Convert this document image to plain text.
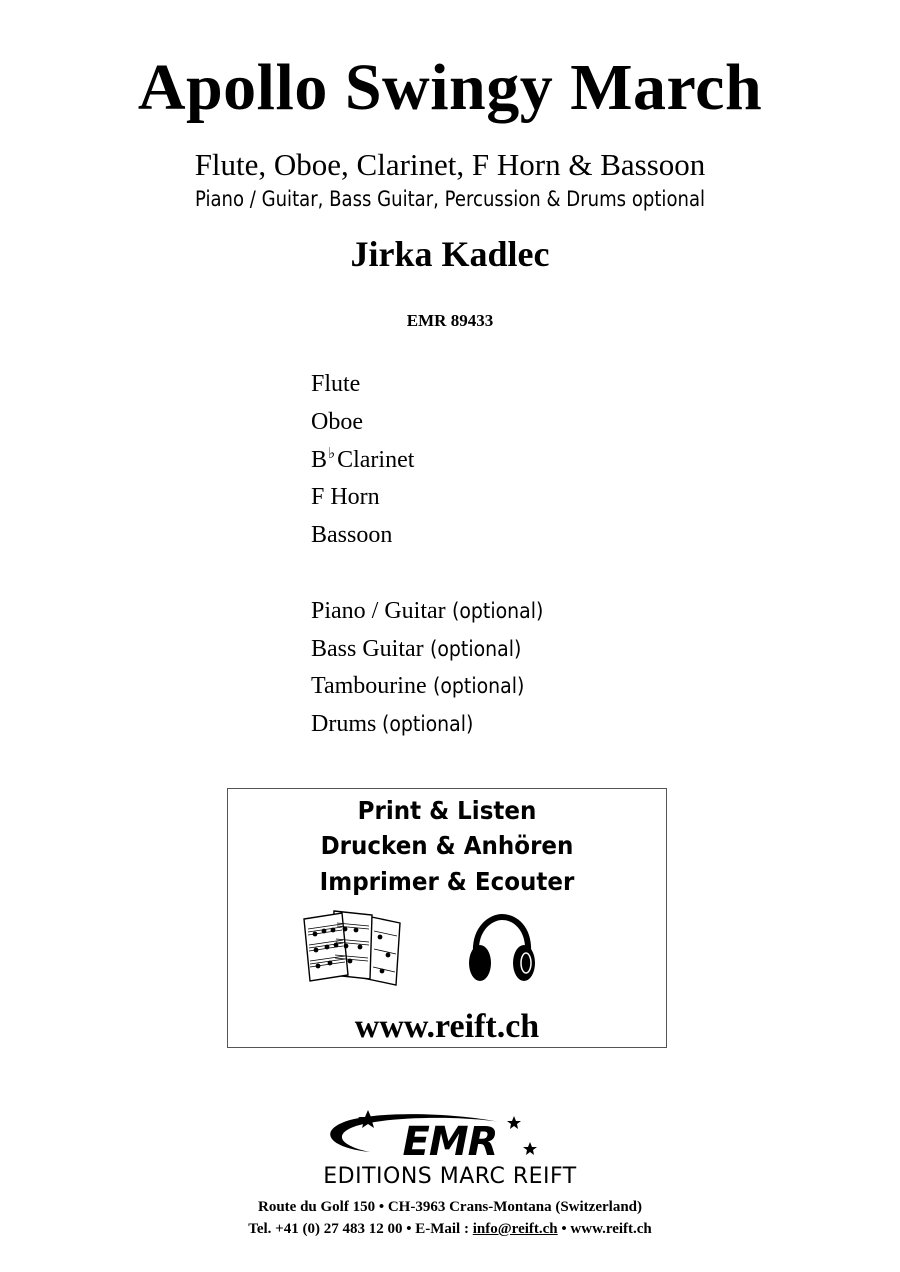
Apollo Swingy March
Flute, Oboe, Clarinet, F Horn & Bassoon
Piano / Guitar, Bass Guitar, Percussion & Drums optional
Jirka Kadlec
EMR 89433
Flute
Oboe
B♭Clarinet
F Horn
Bassoon
Piano / Guitar (optional)
Bass Guitar (optional)
Tambourine (optional)
Drums (optional)
Print & Listen
Drucken & Anhören
Imprimer & Ecouter
www.reift.ch
EMR
EDITIONS MARC REIFT
Route du Golf 150 • CH-3963 Crans-Montana (Switzerland)
Tel. +41 (0) 27 483 12 00 • E-Mail : info@reift.ch • www.reift.ch
